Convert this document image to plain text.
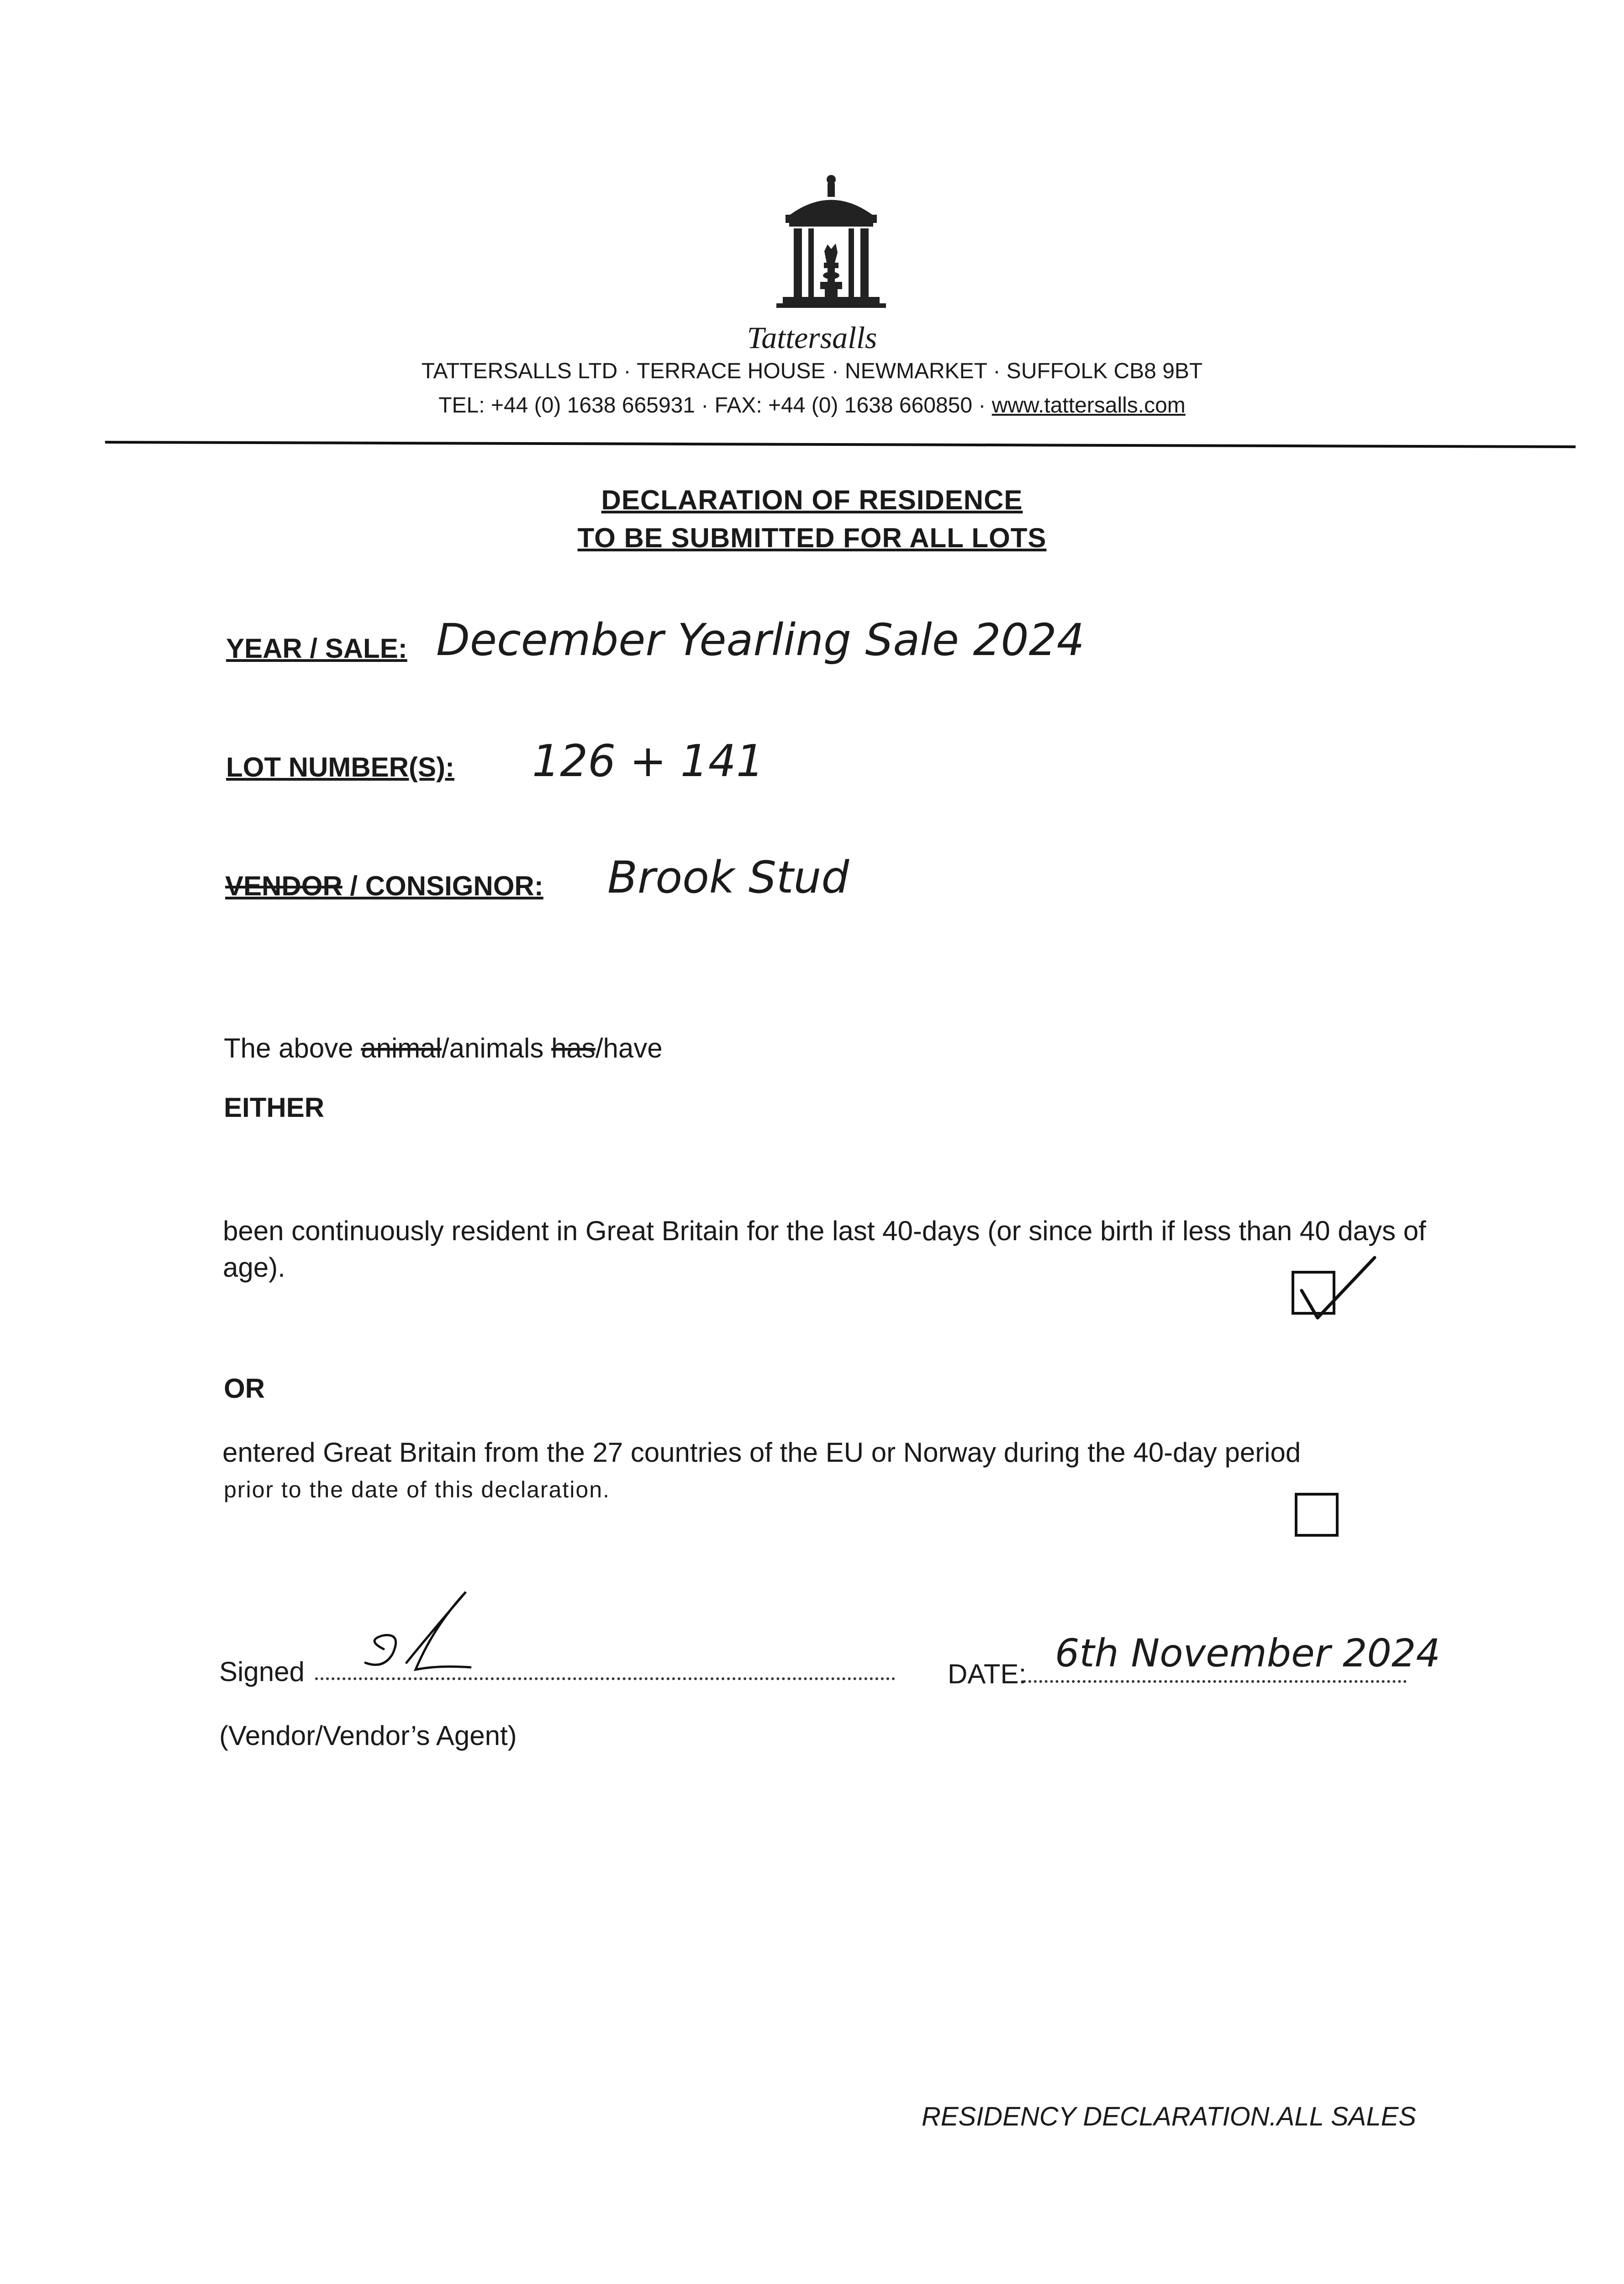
Tattersalls
TATTERSALLS LTD · TERRACE HOUSE · NEWMARKET · SUFFOLK CB8 9BT
TEL: +44 (0) 1638 665931 · FAX: +44 (0) 1638 660850 · www.tattersalls.com
DECLARATION OF RESIDENCE
TO BE SUBMITTED FOR ALL LOTS
YEAR / SALE: December Yearling Sale 2024
LOT NUMBER(S): 126 + 141
VENDOR / CONSIGNOR: Brook Stud
The above animal/animals has/have
EITHER
been continuously resident in Great Britain for the last 40-days (or since birth if less than 40 days of age).
OR
entered Great Britain from the 27 countries of the EU or Norway during the 40-day period
prior to the date of this declaration.
Signed
(Vendor/Vendor’s Agent)
DATE: 6th November 2024
RESIDENCY DECLARATION.ALL SALES
